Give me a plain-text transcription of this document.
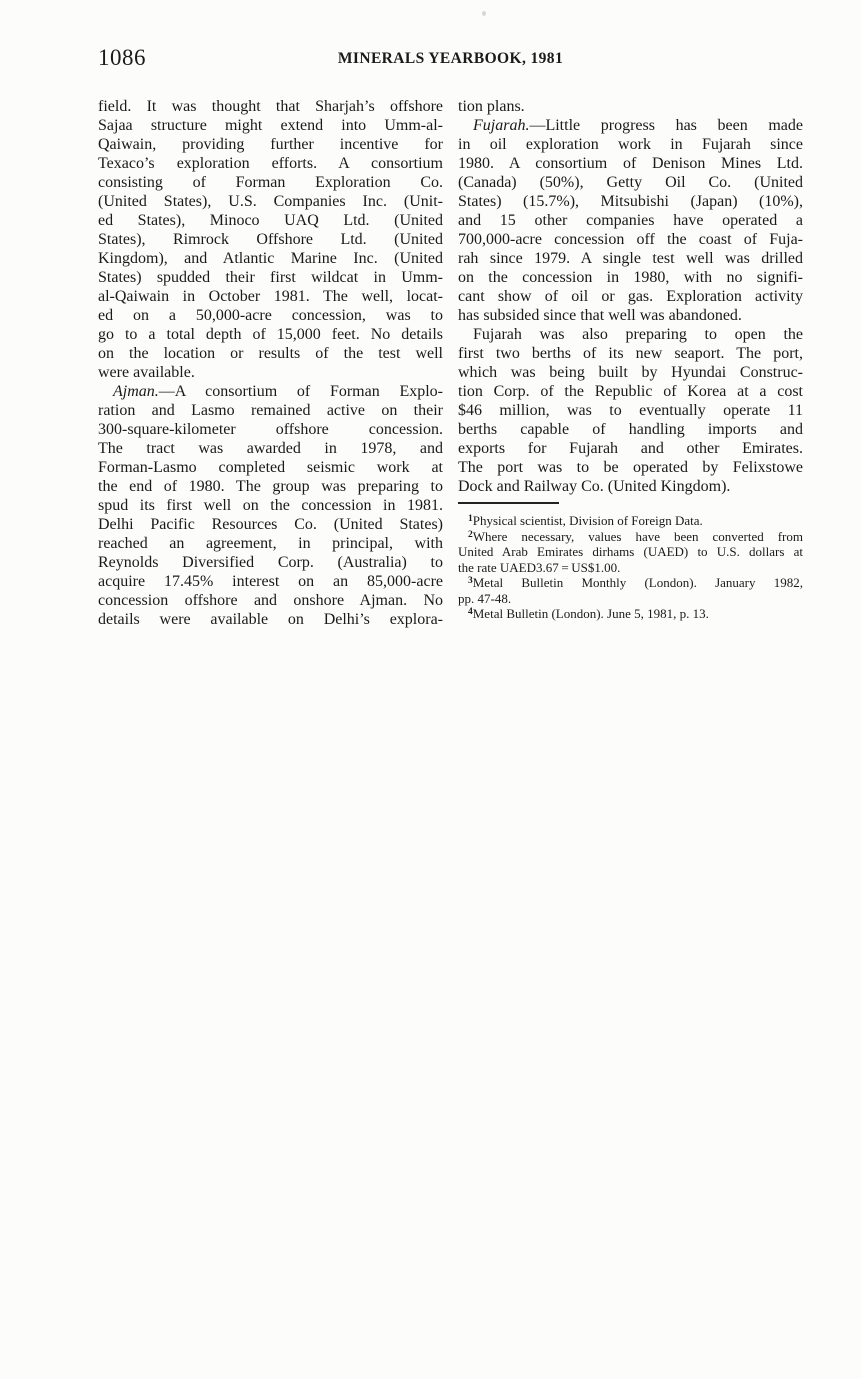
1086	MINERALS YEARBOOK, 1981
field. It was thought that Sharjah’s offshore
Sajaa structure might extend into Umm-al-
Qaiwain, providing further incentive for
Texaco’s exploration efforts. A consortium
consisting of Forman Exploration Co.
(United States), U.S. Companies Inc. (Unit-
ed States), Minoco UAQ Ltd. (United
States), Rimrock Offshore Ltd. (United
Kingdom), and Atlantic Marine Inc. (United
States) spudded their first wildcat in Umm-
al-Qaiwain in October 1981. The well, locat-
ed on a 50,000-acre concession, was to
go to a total depth of 15,000 feet. No details
on the location or results of the test well
were available.
Ajman.—A consortium of Forman Explo-
ration and Lasmo remained active on their
300-square-kilometer offshore concession.
The tract was awarded in 1978, and
Forman-Lasmo completed seismic work at
the end of 1980. The group was preparing to
spud its first well on the concession in 1981.
Delhi Pacific Resources Co. (United States)
reached an agreement, in principal, with
Reynolds Diversified Corp. (Australia) to
acquire 17.45% interest on an 85,000-acre
concession offshore and onshore Ajman. No
details were available on Delhi’s explora-
tion plans.
Fujarah.—Little progress has been made
in oil exploration work in Fujarah since
1980. A consortium of Denison Mines Ltd.
(Canada) (50%), Getty Oil Co. (United
States) (15.7%), Mitsubishi (Japan) (10%),
and 15 other companies have operated a
700,000-acre concession off the coast of Fuja-
rah since 1979. A single test well was drilled
on the concession in 1980, with no signifi-
cant show of oil or gas. Exploration activity
has subsided since that well was abandoned.
Fujarah was also preparing to open the
first two berths of its new seaport. The port,
which was being built by Hyundai Construc-
tion Corp. of the Republic of Korea at a cost
$46 million, was to eventually operate 11
berths capable of handling imports and
exports for Fujarah and other Emirates.
The port was to be operated by Felixstowe
Dock and Railway Co. (United Kingdom).
$^1$Physical scientist, Division of Foreign Data.
$^2$Where necessary, values have been converted from
United Arab Emirates dirhams (UAED) to U.S. dollars at
the rate UAED3.67 = US$1.00.
$^3$Metal Bulletin Monthly (London). January 1982,
pp. 47-48.
$^4$Metal Bulletin (London). June 5, 1981, p. 13.
